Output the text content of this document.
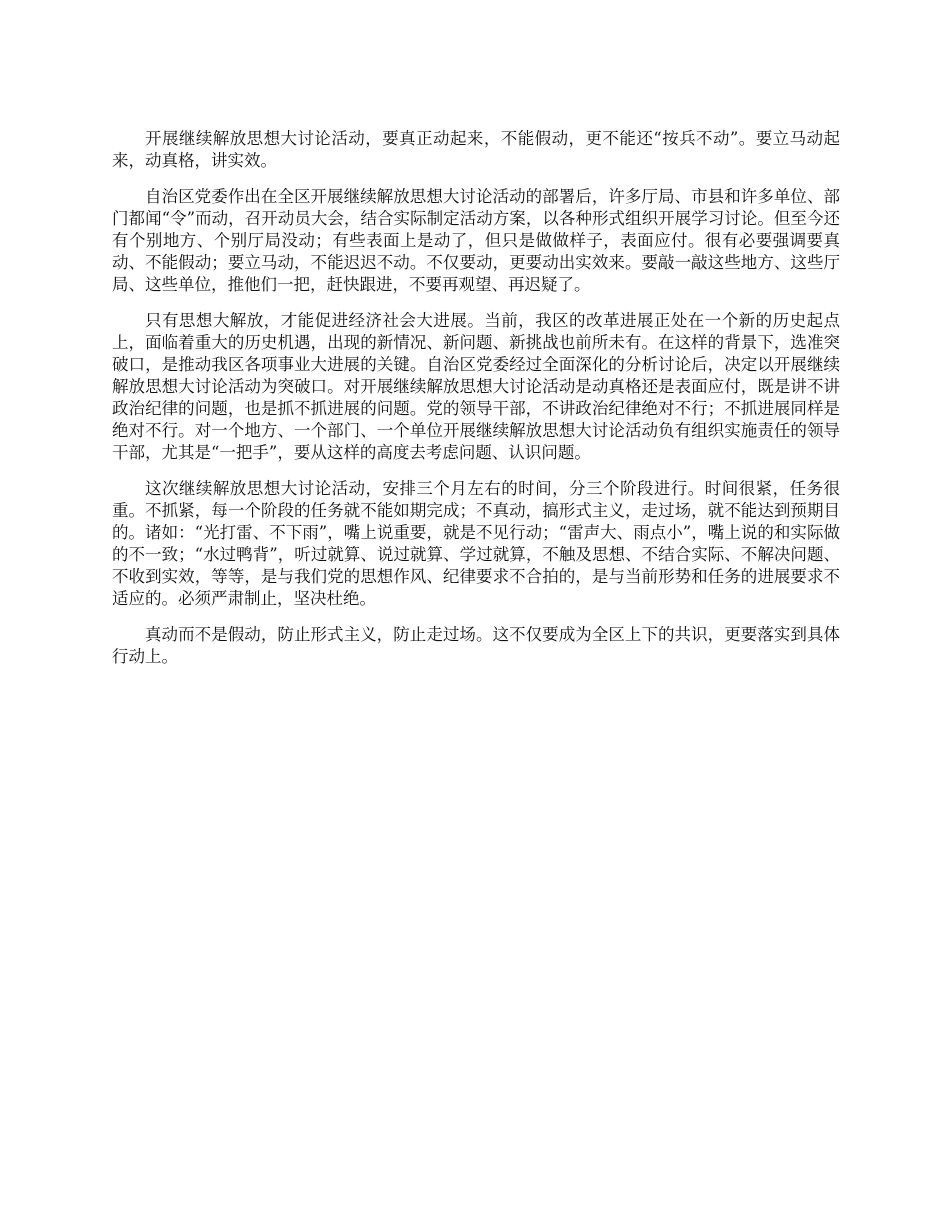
开展继续解放思想大讨论活动，要真正动起来，不能假动，更不能还“按兵不动”。要立马动起来，动真格，讲实效。

自治区党委作出在全区开展继续解放思想大讨论活动的部署后，许多厅局、市县和许多单位、部门都闻“令”而动，召开动员大会，结合实际制定活动方案，以各种形式组织开展学习讨论。但至今还有个别地方、个别厅局没动；有些表面上是动了，但只是做做样子，表面应付。很有必要强调要真动、不能假动；要立马动，不能迟迟不动。不仅要动，更要动出实效来。要敲一敲这些地方、这些厅局、这些单位，推他们一把，赶快跟进，不要再观望、再迟疑了。

只有思想大解放，才能促进经济社会大进展。当前，我区的改革进展正处在一个新的历史起点上，面临着重大的历史机遇，出现的新情况、新问题、新挑战也前所未有。在这样的背景下，选准突破口，是推动我区各项事业大进展的关键。自治区党委经过全面深化的分析讨论后，决定以开展继续解放思想大讨论活动为突破口。对开展继续解放思想大讨论活动是动真格还是表面应付，既是讲不讲政治纪律的问题，也是抓不抓进展的问题。党的领导干部，不讲政治纪律绝对不行；不抓进展同样是绝对不行。对一个地方、一个部门、一个单位开展继续解放思想大讨论活动负有组织实施责任的领导干部，尤其是“一把手”，要从这样的高度去考虑问题、认识问题。

这次继续解放思想大讨论活动，安排三个月左右的时间，分三个阶段进行。时间很紧，任务很重。不抓紧，每一个阶段的任务就不能如期完成；不真动，搞形式主义，走过场，就不能达到预期目的。诸如：“光打雷、不下雨”，嘴上说重要，就是不见行动；“雷声大、雨点小”，嘴上说的和实际做的不一致；“水过鸭背”，听过就算、说过就算、学过就算，不触及思想、不结合实际、不解决问题、不收到实效，等等，是与我们党的思想作风、纪律要求不合拍的，是与当前形势和任务的进展要求不适应的。必须严肃制止，坚决杜绝。

真动而不是假动，防止形式主义，防止走过场。这不仅要成为全区上下的共识，更要落实到具体行动上。
